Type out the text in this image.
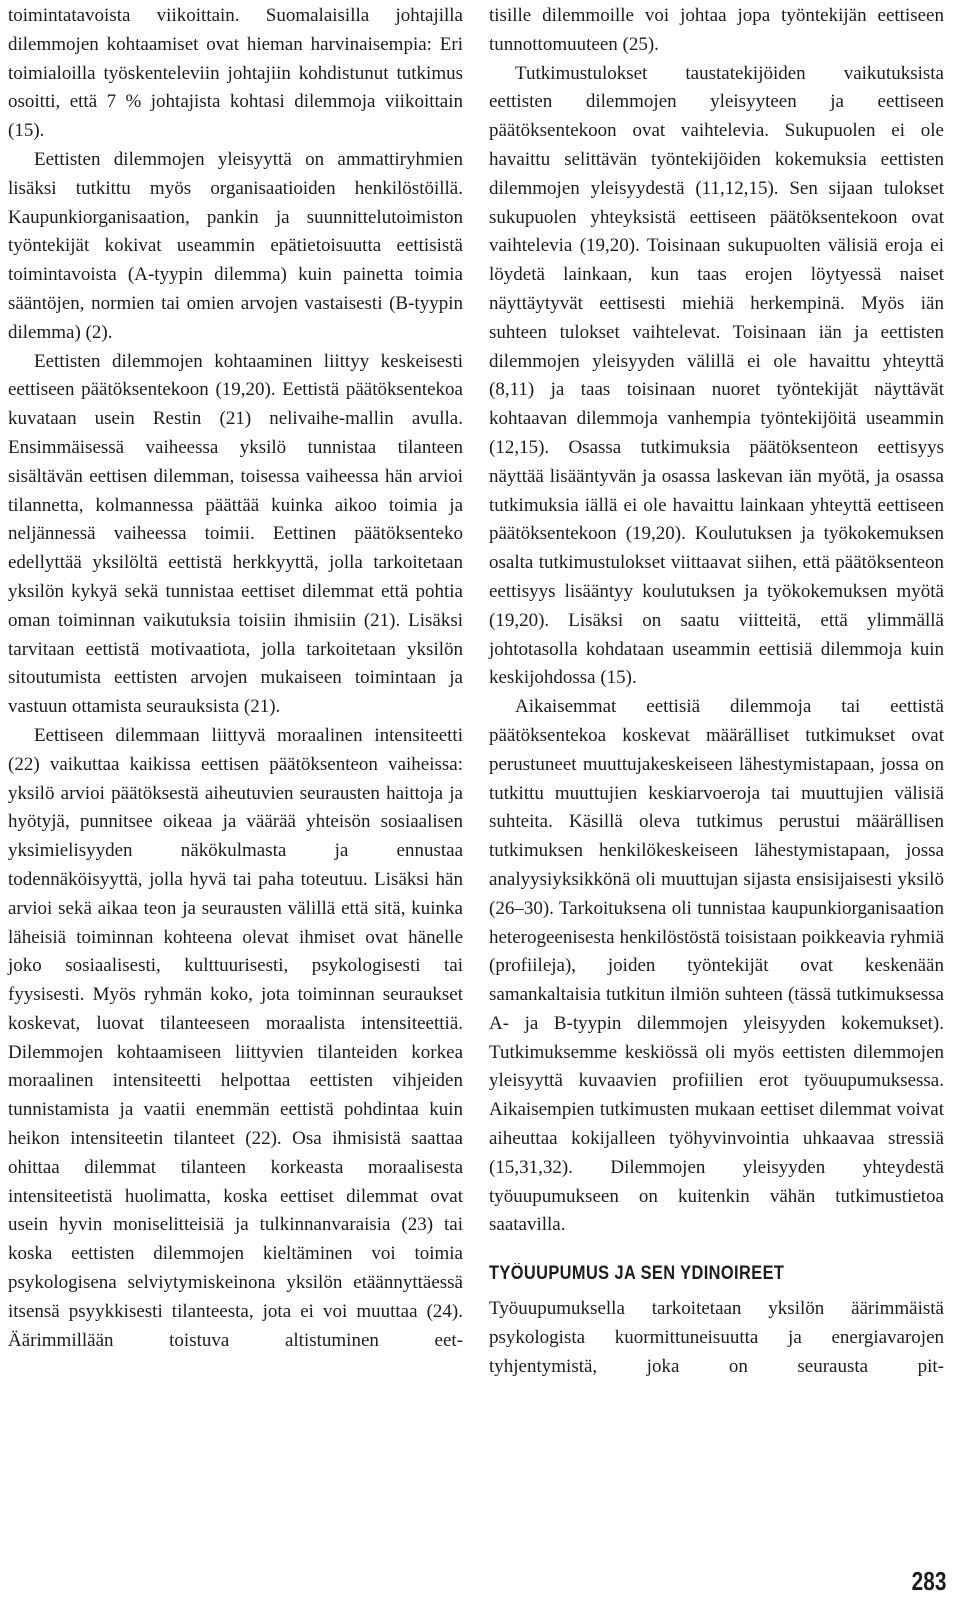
toimintatavoista viikoittain. Suomalaisilla johtajilla dilemmojen kohtaamiset ovat hieman harvinaisempia: Eri toimialoilla työskenteleviin johtajiin kohdistunut tutkimus osoitti, että 7 % johtajista kohtasi dilemmoja viikoittain (15).

Eettisten dilemmojen yleisyyttä on ammattiryhmien lisäksi tutkittu myös organisaatioiden henkilöstöillä. Kaupunkiorganisaation, pankin ja suunnittelutoimiston työntekijät kokivat useammin epätietoisuutta eettisistä toimintavoista (A-tyypin dilemma) kuin painetta toimia sääntöjen, normien tai omien arvojen vastaisesti (B-tyypin dilemma) (2).

Eettisten dilemmojen kohtaaminen liittyy keskeisesti eettiseen päätöksentekoon (19,20). Eettistä päätöksentekoa kuvataan usein Restin (21) nelivaihe-mallin avulla. Ensimmäisessä vaiheessa yksilö tunnistaa tilanteen sisältävän eettisen dilemman, toisessa vaiheessa hän arvioi tilannetta, kolmannessa päättää kuinka aikoo toimia ja neljännessä vaiheessa toimii. Eettinen päätöksenteko edellyttää yksilöltä eettistä herkkyyttä, jolla tarkoitetaan yksilön kykyä sekä tunnistaa eettiset dilemmat että pohtia oman toiminnan vaikutuksia toisiin ihmisiin (21). Lisäksi tarvitaan eettistä motivaatiota, jolla tarkoitetaan yksilön sitoutumista eettisten arvojen mukaiseen toimintaan ja vastuun ottamista seurauksista (21).

Eettiseen dilemmaan liittyvä moraalinen intensiteetti (22) vaikuttaa kaikissa eettisen päätöksenteon vaiheissa: yksilö arvioi päätöksestä aiheutuvien seurausten haittoja ja hyötyjä, punnitsee oikeaa ja väärää yhteisön sosiaalisen yksimielisyyden näkökulmasta ja ennustaa todennäköisyyttä, jolla hyvä tai paha toteutuu. Lisäksi hän arvioi sekä aikaa teon ja seurausten välillä että sitä, kuinka läheisiä toiminnan kohteena olevat ihmiset ovat hänelle joko sosiaalisesti, kulttuurisesti, psykologisesti tai fyysisesti. Myös ryhmän koko, jota toiminnan seuraukset koskevat, luovat tilanteeseen moraalista intensiteettiä. Dilemmojen kohtaamiseen liittyvien tilanteiden korkea moraalinen intensiteetti helpottaa eettisten vihjeiden tunnistamista ja vaatii enemmän eettistä pohdintaa kuin heikon intensiteetin tilanteet (22). Osa ihmisistä saattaa ohittaa dilemmat tilanteen korkeasta moraalisesta intensiteetistä huolimatta, koska eettiset dilemmat ovat usein hyvin moniselitteisiä ja tulkinnanvaraisia (23) tai koska eettisten dilemmojen kieltäminen voi toimia psykologisena selviytymiskeinona yksilön etäännyttäessä itsensä psyykkisesti tilanteesta, jota ei voi muuttaa (24). Äärimmillään toistuva altistuminen eet-

tisille dilemmoille voi johtaa jopa työntekijän eettiseen tunnottomuuteen (25).

Tutkimustulokset taustatekijöiden vaikutuksista eettisten dilemmojen yleisyyteen ja eettiseen päätöksentekoon ovat vaihtelevia. Sukupuolen ei ole havaittu selittävän työntekijöiden kokemuksia eettisten dilemmojen yleisyydestä (11,12,15). Sen sijaan tulokset sukupuolen yhteyksistä eettiseen päätöksentekoon ovat vaihtelevia (19,20). Toisinaan sukupuolten välisiä eroja ei löydetä lainkaan, kun taas erojen löytyessä naiset näyttäytyvät eettisesti miehiä herkempinä. Myös iän suhteen tulokset vaihtelevat. Toisinaan iän ja eettisten dilemmojen yleisyyden välillä ei ole havaittu yhteyttä (8,11) ja taas toisinaan nuoret työntekijät näyttävät kohtaavan dilemmoja vanhempia työntekijöitä useammin (12,15). Osassa tutkimuksia päätöksenteon eettisyys näyttää lisääntyvän ja osassa laskevan iän myötä, ja osassa tutkimuksia iällä ei ole havaittu lainkaan yhteyttä eettiseen päätöksentekoon (19,20). Koulutuksen ja työkokemuksen osalta tutkimustulokset viittaavat siihen, että päätöksenteon eettisyys lisääntyy koulutuksen ja työkokemuksen myötä (19,20). Lisäksi on saatu viitteitä, että ylimmällä johtotasolla kohdataan useammin eettisiä dilemmoja kuin keskijohdossa (15).

Aikaisemmat eettisiä dilemmoja tai eettistä päätöksentekoa koskevat määrälliset tutkimukset ovat perustuneet muuttujakeskeiseen lähestymistapaan, jossa on tutkittu muuttujien keskiarvoeroja tai muuttujien välisiä suhteita. Käsillä oleva tutkimus perustui määrällisen tutkimuksen henkilökeskeiseen lähestymistapaan, jossa analyysiyksikkönä oli muuttujan sijasta ensisijaisesti yksilö (26–30). Tarkoituksena oli tunnistaa kaupunkiorganisaation heterogeenisesta henkilöstöstä toisistaan poikkeavia ryhmiä (profiileja), joiden työntekijät ovat keskenään samankaltaisia tutkitun ilmiön suhteen (tässä tutkimuksessa A- ja B-tyypin dilemmojen yleisyyden kokemukset). Tutkimuksemme keskiössä oli myös eettisten dilemmojen yleisyyttä kuvaavien profiilien erot työuupumuksessa. Aikaisempien tutkimusten mukaan eettiset dilemmat voivat aiheuttaa kokijalleen työhyvinvointia uhkaavaa stressiä (15,31,32). Dilemmojen yleisyyden yhteydestä työuupumukseen on kuitenkin vähän tutkimustietoa saatavilla.

TYÖUUPUMUS JA SEN YDINOIREET

Työuupumuksella tarkoitetaan yksilön äärimmäistä psykologista kuormittuneisuutta ja energiavarojen tyhjentymistä, joka on seurausta pit-

283
